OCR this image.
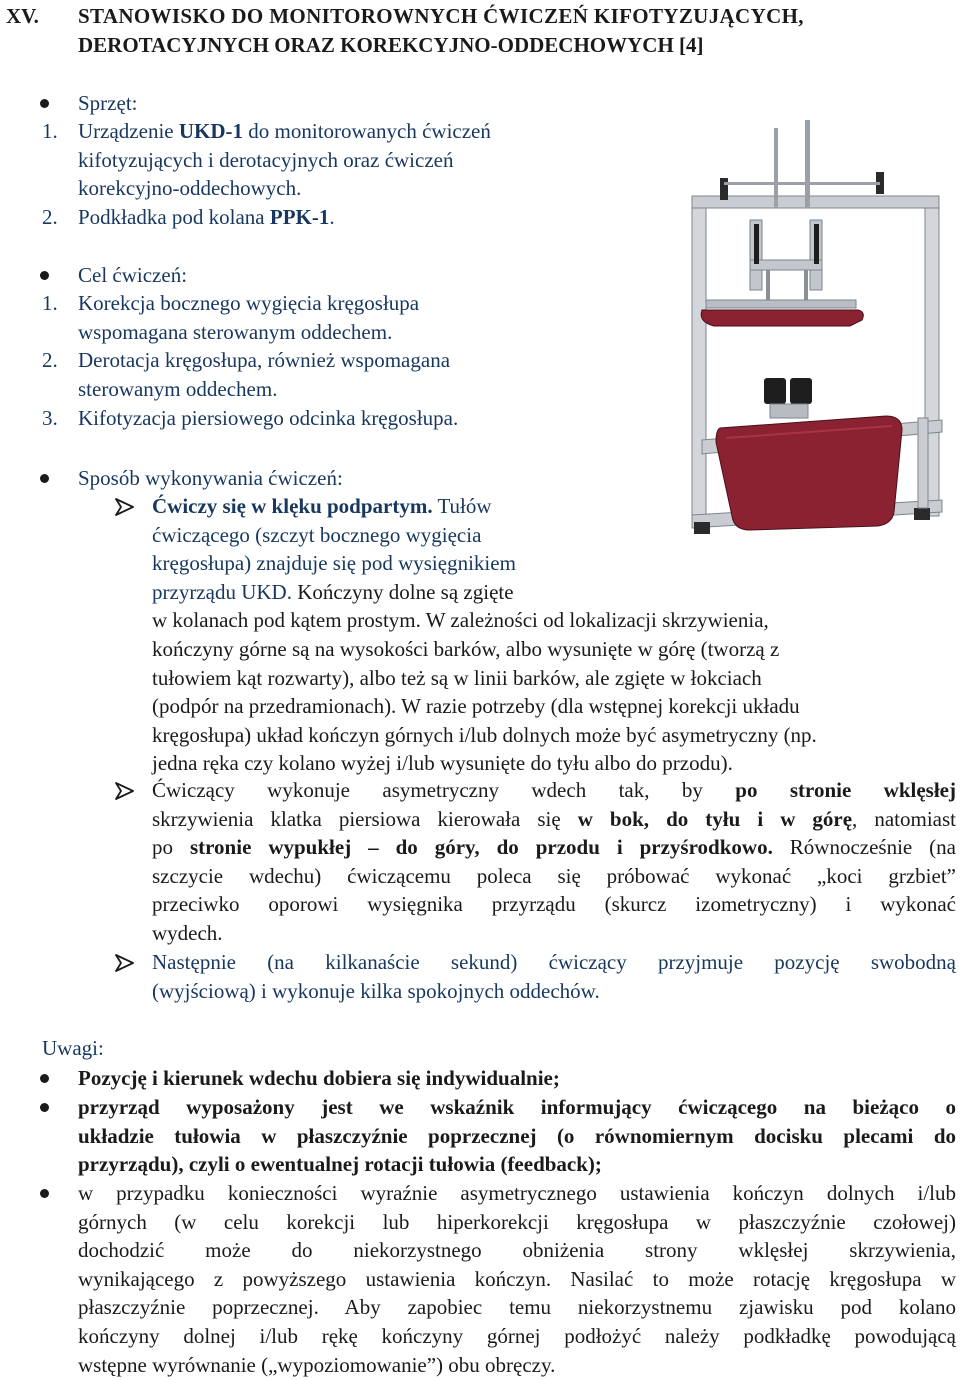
XV. STANOWISKO DO MONITOROWNYCH ĆWICZEŃ KIFOTYZUJĄCYCH,
DEROTACYJNYCH ORAZ KOREKCYJNO-ODDECHOWYCH [4]
Sprzęt:
1. Urządzenie UKD-1 do monitorowanych ćwiczeń
kifotyzujących i derotacyjnych oraz ćwiczeń
korekcyjno-oddechowych.
2. Podkładka pod kolana PPK-1.
Cel ćwiczeń:
1. Korekcja bocznego wygięcia kręgosłupa
wspomagana sterowanym oddechem.
2. Derotacja kręgosłupa, również wspomagana
sterowanym oddechem.
3. Kifotyzacja piersiowego odcinka kręgosłupa.
Sposób wykonywania ćwiczeń:
Ćwiczy się w klęku podpartym. Tułów
ćwiczącego (szczyt bocznego wygięcia
kręgosłupa) znajduje się pod wysięgnikiem
przyrządu UKD. Kończyny dolne są zgięte
w kolanach pod kątem prostym. W zależności od lokalizacji skrzywienia,
kończyny górne są na wysokości barków, albo wysunięte w górę (tworzą z
tułowiem kąt rozwarty), albo też są w linii barków, ale zgięte w łokciach
(podpór na przedramionach). W razie potrzeby (dla wstępnej korekcji układu
kręgosłupa) układ kończyn górnych i/lub dolnych może być asymetryczny (np.
jedna ręka czy kolano wyżej i/lub wysunięte do tyłu albo do przodu).
Ćwiczący wykonuje asymetryczny wdech tak, by po stronie wklęsłej
skrzywienia klatka piersiowa kierowała się w bok, do tyłu i w górę, natomiast
po stronie wypukłej – do góry, do przodu i przyśrodkowo. Równocześnie (na
szczycie wdechu) ćwiczącemu poleca się próbować wykonać „koci grzbiet”
przeciwko oporowi wysięgnika przyrządu (skurcz izometryczny) i wykonać
wydech.
Następnie (na kilkanaście sekund) ćwiczący przyjmuje pozycję swobodną
(wyjściową) i wykonuje kilka spokojnych oddechów.
Uwagi:
Pozycję i kierunek wdechu dobiera się indywidualnie;
przyrząd wyposażony jest we wskaźnik informujący ćwiczącego na bieżąco o
układzie tułowia w płaszczyźnie poprzecznej (o równomiernym docisku plecami do
przyrządu), czyli o ewentualnej rotacji tułowia (feedback);
w przypadku konieczności wyraźnie asymetrycznego ustawienia kończyn dolnych i/lub
górnych (w celu korekcji lub hiperkorekcji kręgosłupa w płaszczyźnie czołowej)
dochodzić może do niekorzystnego obniżenia strony wklęsłej skrzywienia,
wynikającego z powyższego ustawienia kończyn. Nasilać to może rotację kręgosłupa w
płaszczyźnie poprzecznej. Aby zapobiec temu niekorzystnemu zjawisku pod kolano
kończyny dolnej i/lub rękę kończyny górnej podłożyć należy podkładkę powodującą
wstępne wyrównanie („wypoziomowanie”) obu obręczy.
